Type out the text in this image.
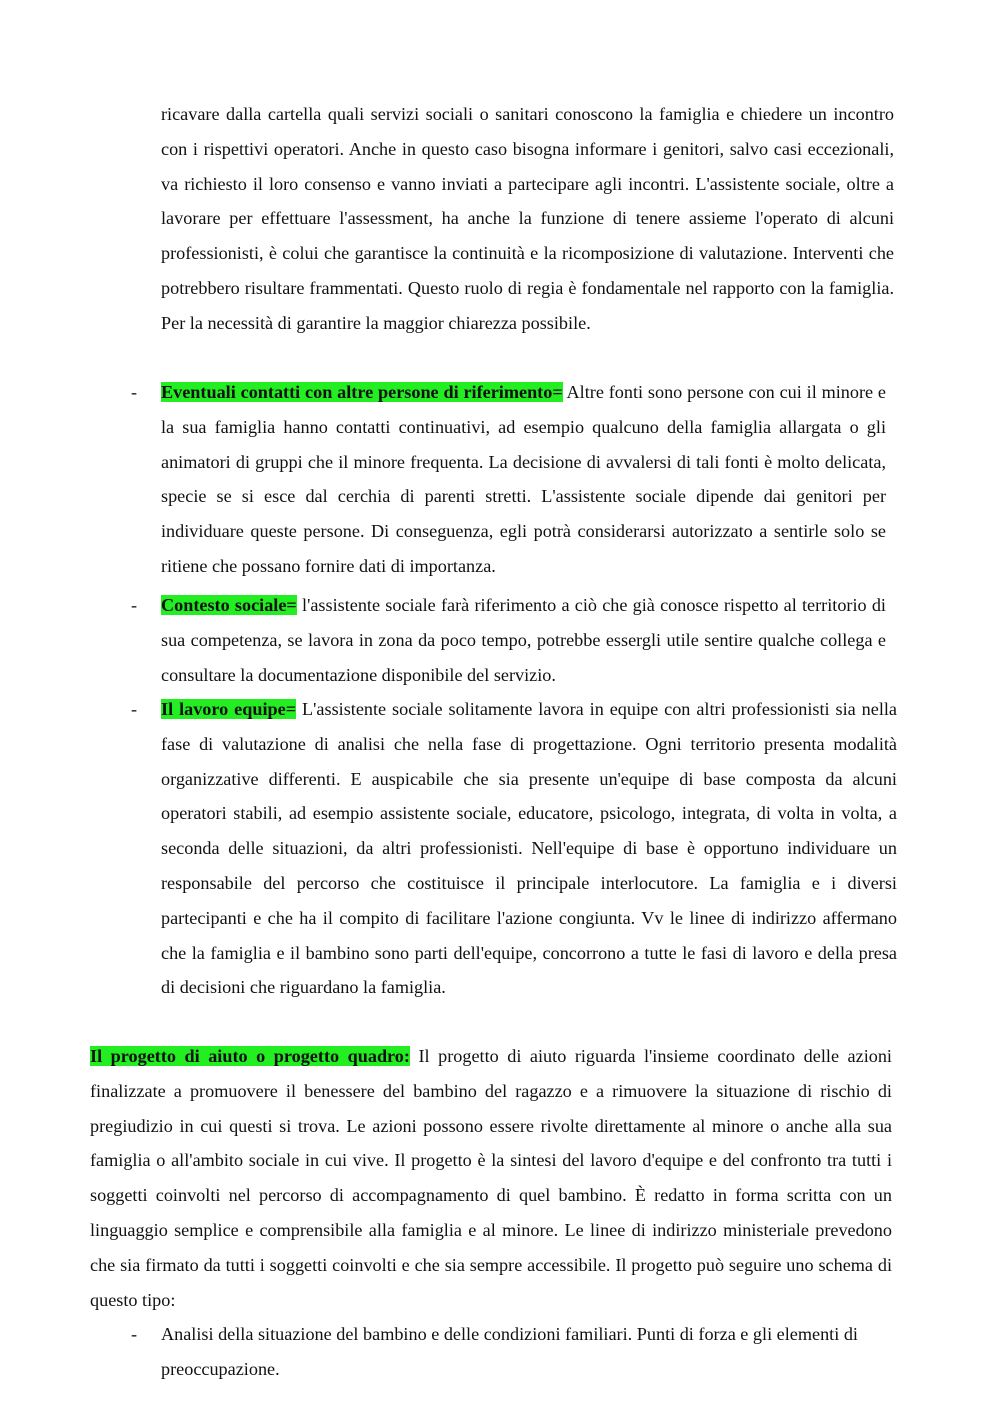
ricavare dalla cartella quali servizi sociali o sanitari conoscono la famiglia e chiedere un incontro con i rispettivi operatori. Anche in questo caso bisogna informare i genitori, salvo casi eccezionali, va richiesto il loro consenso e vanno inviati a partecipare agli incontri. L'assistente sociale, oltre a lavorare per effettuare l'assessment, ha anche la funzione di tenere assieme l'operato di alcuni professionisti, è colui che garantisce la continuità e la ricomposizione di valutazione. Interventi che potrebbero risultare frammentati. Questo ruolo di regia è fondamentale nel rapporto con la famiglia. Per la necessità di garantire la maggior chiarezza possibile.

- Eventuali contatti con altre persone di riferimento= Altre fonti sono persone con cui il minore e la sua famiglia hanno contatti continuativi, ad esempio qualcuno della famiglia allargata o gli animatori di gruppi che il minore frequenta. La decisione di avvalersi di tali fonti è molto delicata, specie se si esce dal cerchia di parenti stretti. L'assistente sociale dipende dai genitori per individuare queste persone. Di conseguenza, egli potrà considerarsi autorizzato a sentirle solo se ritiene che possano fornire dati di importanza.

- Contesto sociale= l'assistente sociale farà riferimento a ciò che già conosce rispetto al territorio di sua competenza, se lavora in zona da poco tempo, potrebbe essergli utile sentire qualche collega e consultare la documentazione disponibile del servizio.

- Il lavoro equipe= L'assistente sociale solitamente lavora in equipe con altri professionisti sia nella fase di valutazione di analisi che nella fase di progettazione. Ogni territorio presenta modalità organizzative differenti. E auspicabile che sia presente un'equipe di base composta da alcuni operatori stabili, ad esempio assistente sociale, educatore, psicologo, integrata, di volta in volta, a seconda delle situazioni, da altri professionisti. Nell'equipe di base è opportuno individuare un responsabile del percorso che costituisce il principale interlocutore. La famiglia e i diversi partecipanti e che ha il compito di facilitare l'azione congiunta. Vv le linee di indirizzo affermano che la famiglia e il bambino sono parti dell'equipe, concorrono a tutte le fasi di lavoro e della presa di decisioni che riguardano la famiglia.

Il progetto di aiuto o progetto quadro: Il progetto di aiuto riguarda l'insieme coordinato delle azioni finalizzate a promuovere il benessere del bambino del ragazzo e a rimuovere la situazione di rischio di pregiudizio in cui questi si trova. Le azioni possono essere rivolte direttamente al minore o anche alla sua famiglia o all'ambito sociale in cui vive. Il progetto è la sintesi del lavoro d'equipe e del confronto tra tutti i soggetti coinvolti nel percorso di accompagnamento di quel bambino. È redatto in forma scritta con un linguaggio semplice e comprensibile alla famiglia e al minore. Le linee di indirizzo ministeriale prevedono che sia firmato da tutti i soggetti coinvolti e che sia sempre accessibile. Il progetto può seguire uno schema di questo tipo:

- Analisi della situazione del bambino e delle condizioni familiari. Punti di forza e gli elementi di preoccupazione.
